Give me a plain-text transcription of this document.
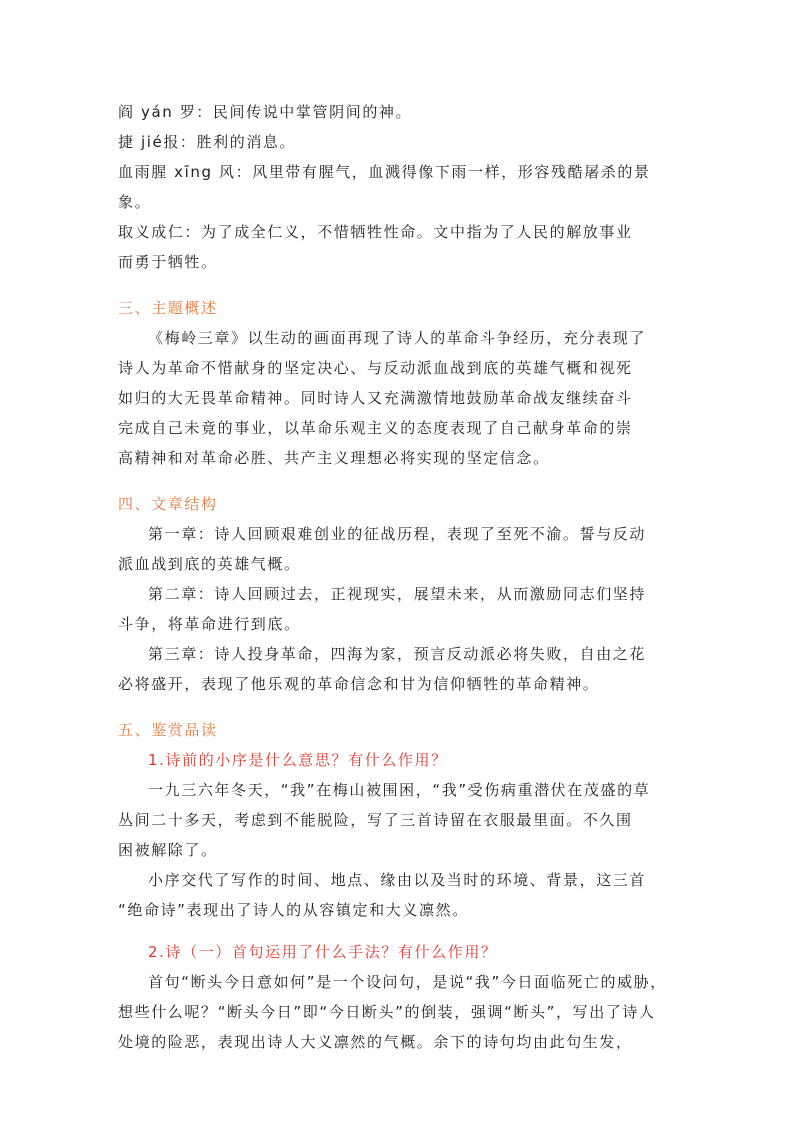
阎 yán 罗：民间传说中掌管阴间的神。
捷 jié报：胜利的消息。
血雨腥 xīng 风：风里带有腥气，血溅得像下雨一样，形容残酷屠杀的景
象。
取义成仁：为了成全仁义，不惜牺牲性命。文中指为了人民的解放事业
而勇于牺牲。
三、主题概述
《梅岭三章》以生动的画面再现了诗人的革命斗争经历，充分表现了
诗人为革命不惜献身的坚定决心、与反动派血战到底的英雄气概和视死
如归的大无畏革命精神。同时诗人又充满激情地鼓励革命战友继续奋斗
完成自己未竟的事业，以革命乐观主义的态度表现了自己献身革命的崇
高精神和对革命必胜、共产主义理想必将实现的坚定信念。
四、文章结构
第一章：诗人回顾艰难创业的征战历程，表现了至死不渝。誓与反动
派血战到底的英雄气概。
第二章：诗人回顾过去，正视现实，展望未来，从而激励同志们坚持
斗争，将革命进行到底。
第三章：诗人投身革命，四海为家，预言反动派必将失败，自由之花
必将盛开，表现了他乐观的革命信念和甘为信仰牺牲的革命精神。
五、鉴赏品读
1.诗前的小序是什么意思？有什么作用？
一九三六年冬天，“我”在梅山被围困，“我”受伤病重潜伏在茂盛的草
丛间二十多天，考虑到不能脱险，写了三首诗留在衣服最里面。不久围
困被解除了。
小序交代了写作的时间、地点、缘由以及当时的环境、背景，这三首
“绝命诗”表现出了诗人的从容镇定和大义凛然。
2.诗（一）首句运用了什么手法？有什么作用？
首句“断头今日意如何”是一个设问句，是说“我”今日面临死亡的威胁，
想些什么呢？“断头今日”即“今日断头”的倒装，强调“断头”，写出了诗人
处境的险恶，表现出诗人大义凛然的气概。余下的诗句均由此句生发，
